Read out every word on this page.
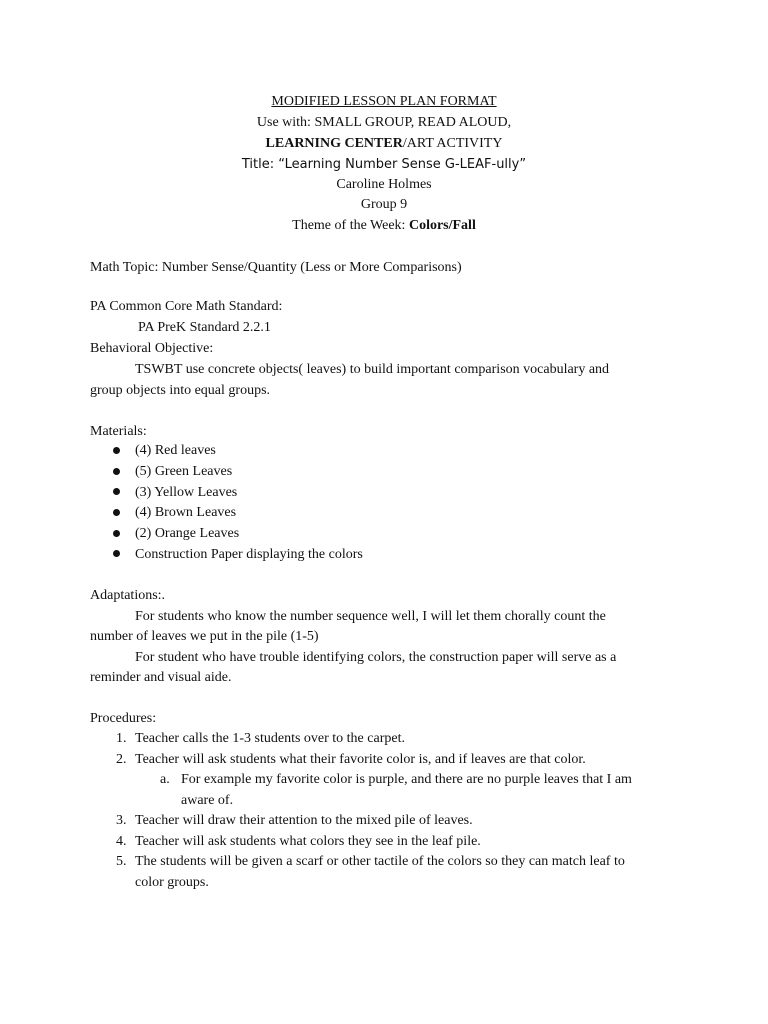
MODIFIED LESSON PLAN FORMAT
Use with: SMALL GROUP, READ ALOUD,
LEARNING CENTER/ART ACTIVITY
Title: “Learning Number Sense G-LEAF-ully”
Caroline Holmes
Group 9
Theme of the Week: Colors/Fall
Math Topic: Number Sense/Quantity (Less or More Comparisons)
PA Common Core Math Standard:
PA PreK Standard 2.2.1
Behavioral Objective:
TSWBT use concrete objects( leaves) to build important comparison vocabulary and
group objects into equal groups.
Materials:
(4) Red leaves
(5) Green Leaves
(3) Yellow Leaves
(4) Brown Leaves
(2) Orange Leaves
Construction Paper displaying the colors
Adaptations:.
For students who know the number sequence well, I will let them chorally count the
number of leaves we put in the pile (1-5)
For student who have trouble identifying colors, the construction paper will serve as a
reminder and visual aide.
Procedures:
1. Teacher calls the 1-3 students over to the carpet.
2. Teacher will ask students what their favorite color is, and if leaves are that color.
a. For example my favorite color is purple, and there are no purple leaves that I am
aware of.
3. Teacher will draw their attention to the mixed pile of leaves.
4. Teacher will ask students what colors they see in the leaf pile.
5. The students will be given a scarf or other tactile of the colors so they can match leaf to
color groups.
